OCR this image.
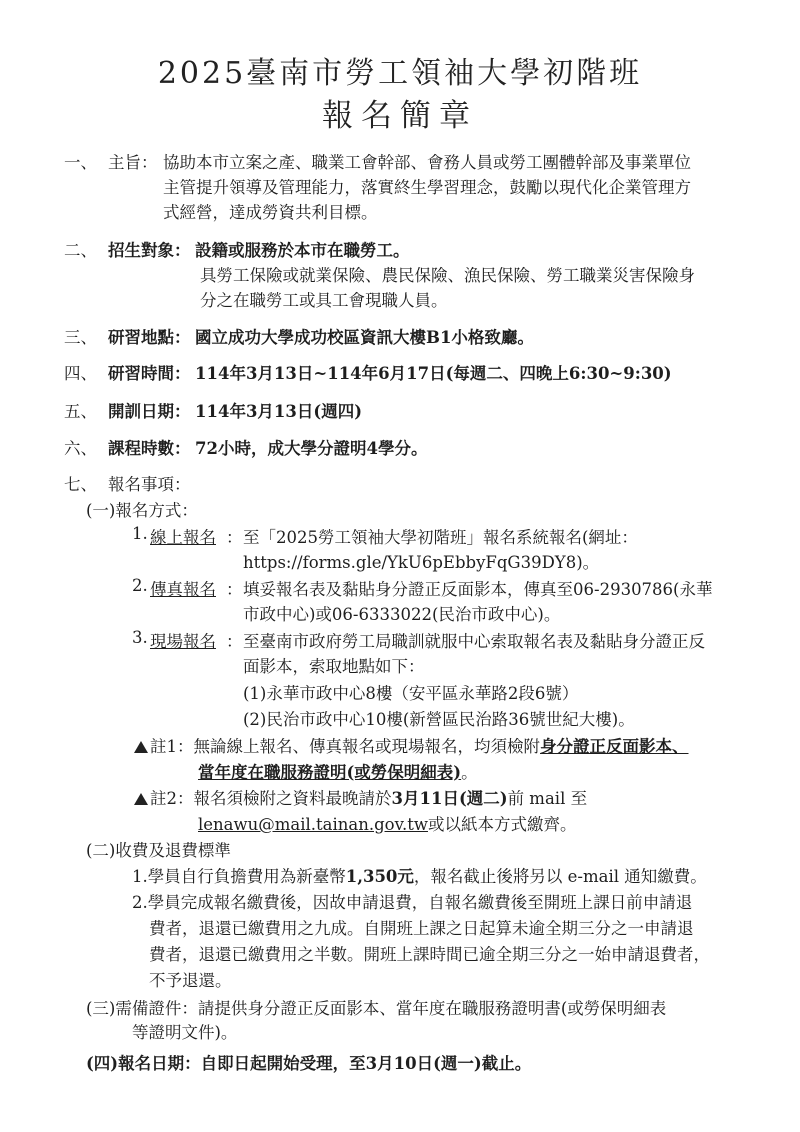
2025臺南市勞工領袖大學初階班
報名簡章
一、 主旨： 協助本市立案之產、職業工會幹部、會務人員或勞工團體幹部及事業單位
主管提升領導及管理能力，落實終生學習理念，鼓勵以現代化企業管理方
式經營，達成勞資共利目標。
二、 招生對象： 設籍或服務於本市在職勞工。
具勞工保險或就業保險、農民保險、漁民保險、勞工職業災害保險身
分之在職勞工或具工會現職人員。
三、 研習地點： 國立成功大學成功校區資訊大樓B1小格致廳。
四、 研習時間： 114年3月13日~114年6月17日(每週二、四晚上6:30~9:30)
五、 開訓日期： 114年3月13日(週四)
六、 課程時數： 72小時，成大學分證明4學分。
七、 報名事項：
(一)報名方式：
1. 線上報名 ： 至「2025勞工領袖大學初階班」報名系統報名(網址：
https://forms.gle/YkU6pEbbyFqG39DY8)。
2. 傳真報名 ： 填妥報名表及黏貼身分證正反面影本，傳真至06-2930786(永華
市政中心)或06-6333022(民治市政中心)。
3. 現場報名 ： 至臺南市政府勞工局職訓就服中心索取報名表及黏貼身分證正反
面影本，索取地點如下：
(1)永華市政中心8樓（安平區永華路2段6號）
(2)民治市政中心10樓(新營區民治路36號世紀大樓)。
註1：無論線上報名、傳真報名或現場報名，均須檢附身分證正反面影本、
當年度在職服務證明(或勞保明細表)。
註2：報名須檢附之資料最晚請於3月11日(週二)前 mail 至
lenawu@mail.tainan.gov.tw或以紙本方式繳齊。
(二)收費及退費標準
1.學員自行負擔費用為新臺幣1,350元，報名截止後將另以 e-mail 通知繳費。
2.學員完成報名繳費後，因故申請退費，自報名繳費後至開班上課日前申請退
費者，退還已繳費用之九成。自開班上課之日起算未逾全期三分之一申請退
費者，退還已繳費用之半數。開班上課時間已逾全期三分之一始申請退費者，
不予退還。
(三)需備證件：請提供身分證正反面影本、當年度在職服務證明書(或勞保明細表
等證明文件)。
(四)報名日期：自即日起開始受理，至3月10日(週一)截止。
